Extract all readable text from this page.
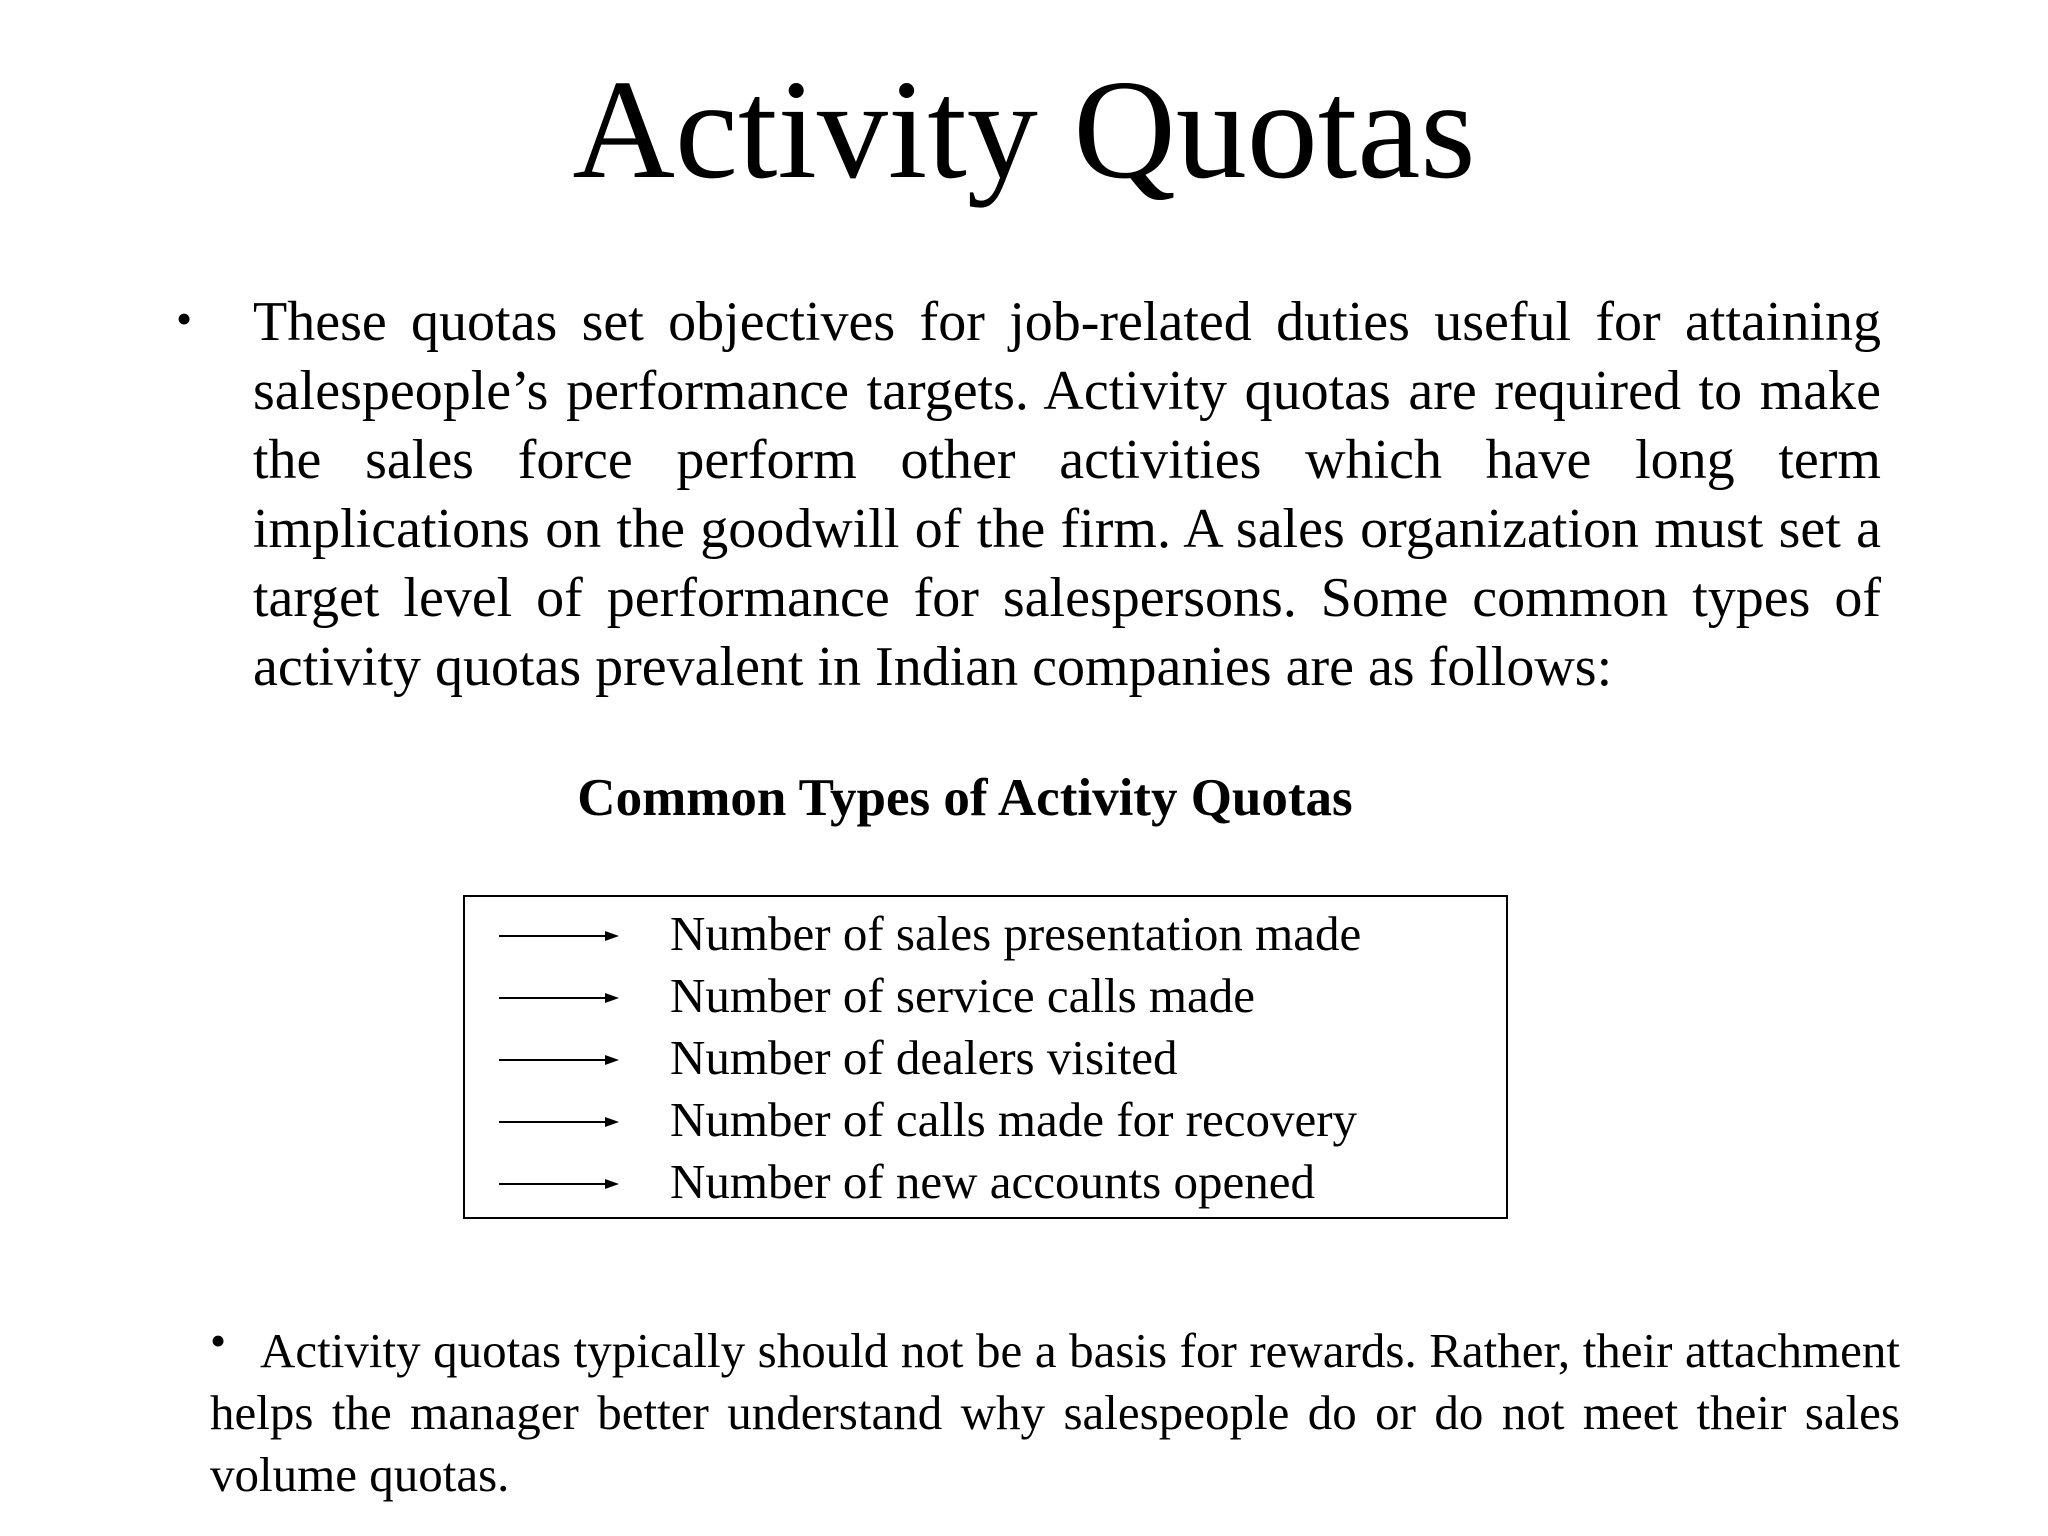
Activity Quotas
• These quotas set objectives for job-related duties useful for attaining salespeople’s performance targets. Activity quotas are required to make the sales force perform other activities which have long term implications on the goodwill of the firm. A sales organization must set a target level of performance for salespersons. Some common types of activity quotas prevalent in Indian companies are as follows:

Common Types of Activity Quotas
Number of sales presentation made
Number of service calls made
Number of dealers visited
Number of calls made for recovery
Number of new accounts opened
• Activity quotas typically should not be a basis for rewards. Rather, their attachment helps the manager better understand why salespeople do or do not meet their sales volume quotas.
